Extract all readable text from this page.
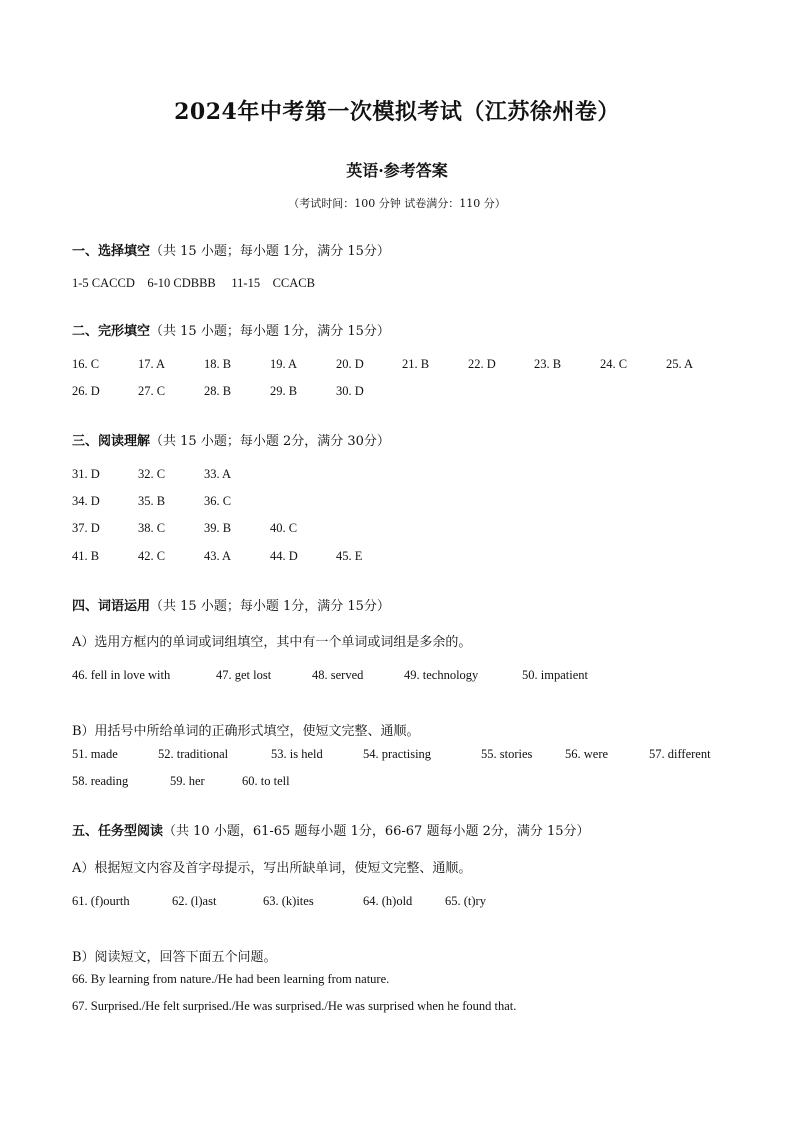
2024年中考第一次模拟考试（江苏徐州卷）
英语·参考答案
（考试时间：100 分钟 试卷满分：110 分）
一、选择填空（共 15 小题；每小题 1分，满分 15分）
1-5 CACCD    6-10 CDBBB     11-15    CCACB
二、完形填空（共 15 小题；每小题 1分，满分 15分）
16. C	17. A	18. B	19. A	20. D	21. B	22. D	23. B	24. C	25. A
26. D	27. C	28. B	29. B	30. D
三、阅读理解（共 15 小题；每小题 2分，满分 30分）
31. D	32. C	33. A
34. D	35. B	36. C
37. D	38. C	39. B	40. C
41. B	42. C	43. A	44. D	45. E
四、词语运用（共 15 小题；每小题 1分，满分 15分）
A）选用方框内的单词或词组填空，其中有一个单词或词组是多余的。
46. fell in love with	47. get lost	48. served	49. technology	50. impatient
B）用括号中所给单词的正确形式填空，使短文完整、通顺。
51. made	52. traditional	53. is held	54. practising	55. stories	56. were	57. different
58. reading	59. her	60. to tell
五、任务型阅读（共 10 小题，61-65 题每小题 1分，66-67 题每小题 2分，满分 15分）
A）根据短文内容及首字母提示，写出所缺单词，使短文完整、通顺。
61. (f)ourth	62. (l)ast	63. (k)ites	64. (h)old	65. (t)ry
B）阅读短文，回答下面五个问题。
66. By learning from nature./He had been learning from nature.
67. Surprised./He felt surprised./He was surprised./He was surprised when he found that.
